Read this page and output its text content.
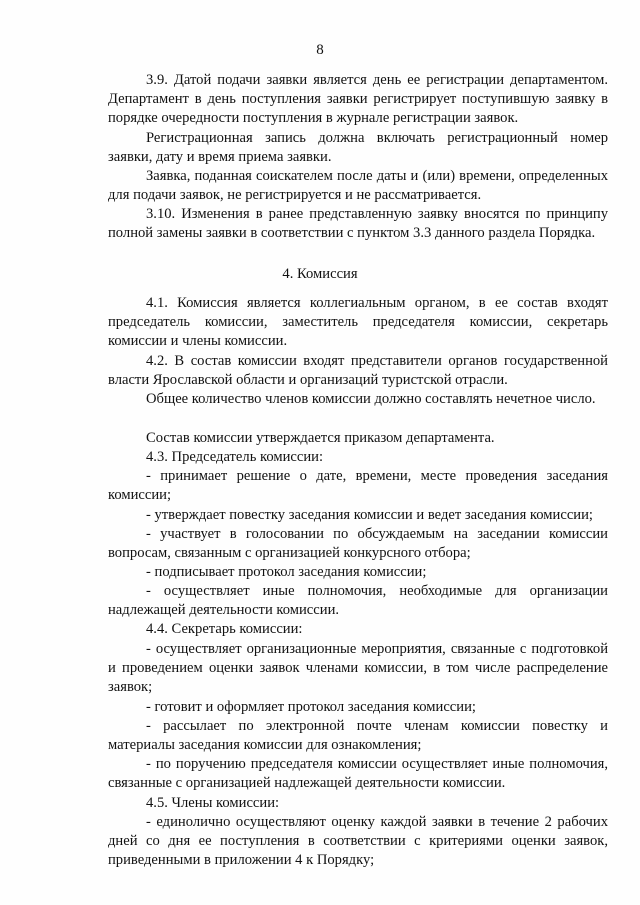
8

3.9. Датой подачи заявки является день ее регистрации департаментом. Департамент в день поступления заявки регистрирует поступившую заявку в порядке очередности поступления в журнале регистрации заявок.

Регистрационная запись должна включать регистрационный номер заявки, дату и время приема заявки.

Заявка, поданная соискателем после даты и (или) времени, определенных для подачи заявок, не регистрируется и не рассматривается.

3.10. Изменения в ранее представленную заявку вносятся по принципу полной замены заявки в соответствии с пунктом 3.3 данного раздела Порядка.

4. Комиссия

4.1. Комиссия является коллегиальным органом, в ее состав входят председатель комиссии, заместитель председателя комиссии, секретарь комиссии и члены комиссии.

4.2. В состав комиссии входят представители органов государственной власти Ярославской области и организаций туристской отрасли.

Общее количество членов комиссии должно составлять нечетное число.

Состав комиссии утверждается приказом департамента.

4.3. Председатель комиссии:

- принимает решение о дате, времени, месте проведения заседания комиссии;

- утверждает повестку заседания комиссии и ведет заседания комиссии;

- участвует в голосовании по обсуждаемым на заседании комиссии вопросам, связанным с организацией конкурсного отбора;

- подписывает протокол заседания комиссии;

- осуществляет иные полномочия, необходимые для организации надлежащей деятельности комиссии.

4.4. Секретарь комиссии:

- осуществляет организационные мероприятия, связанные с подготовкой и проведением оценки заявок членами комиссии, в том числе распределение заявок;

- готовит и оформляет протокол заседания комиссии;

- рассылает по электронной почте членам комиссии повестку и материалы заседания комиссии для ознакомления;

- по поручению председателя комиссии осуществляет иные полномочия, связанные с организацией надлежащей деятельности комиссии.

4.5. Члены комиссии:

- единолично осуществляют оценку каждой заявки в течение 2 рабочих дней со дня ее поступления в соответствии с критериями оценки заявок, приведенными в приложении 4 к Порядку;
